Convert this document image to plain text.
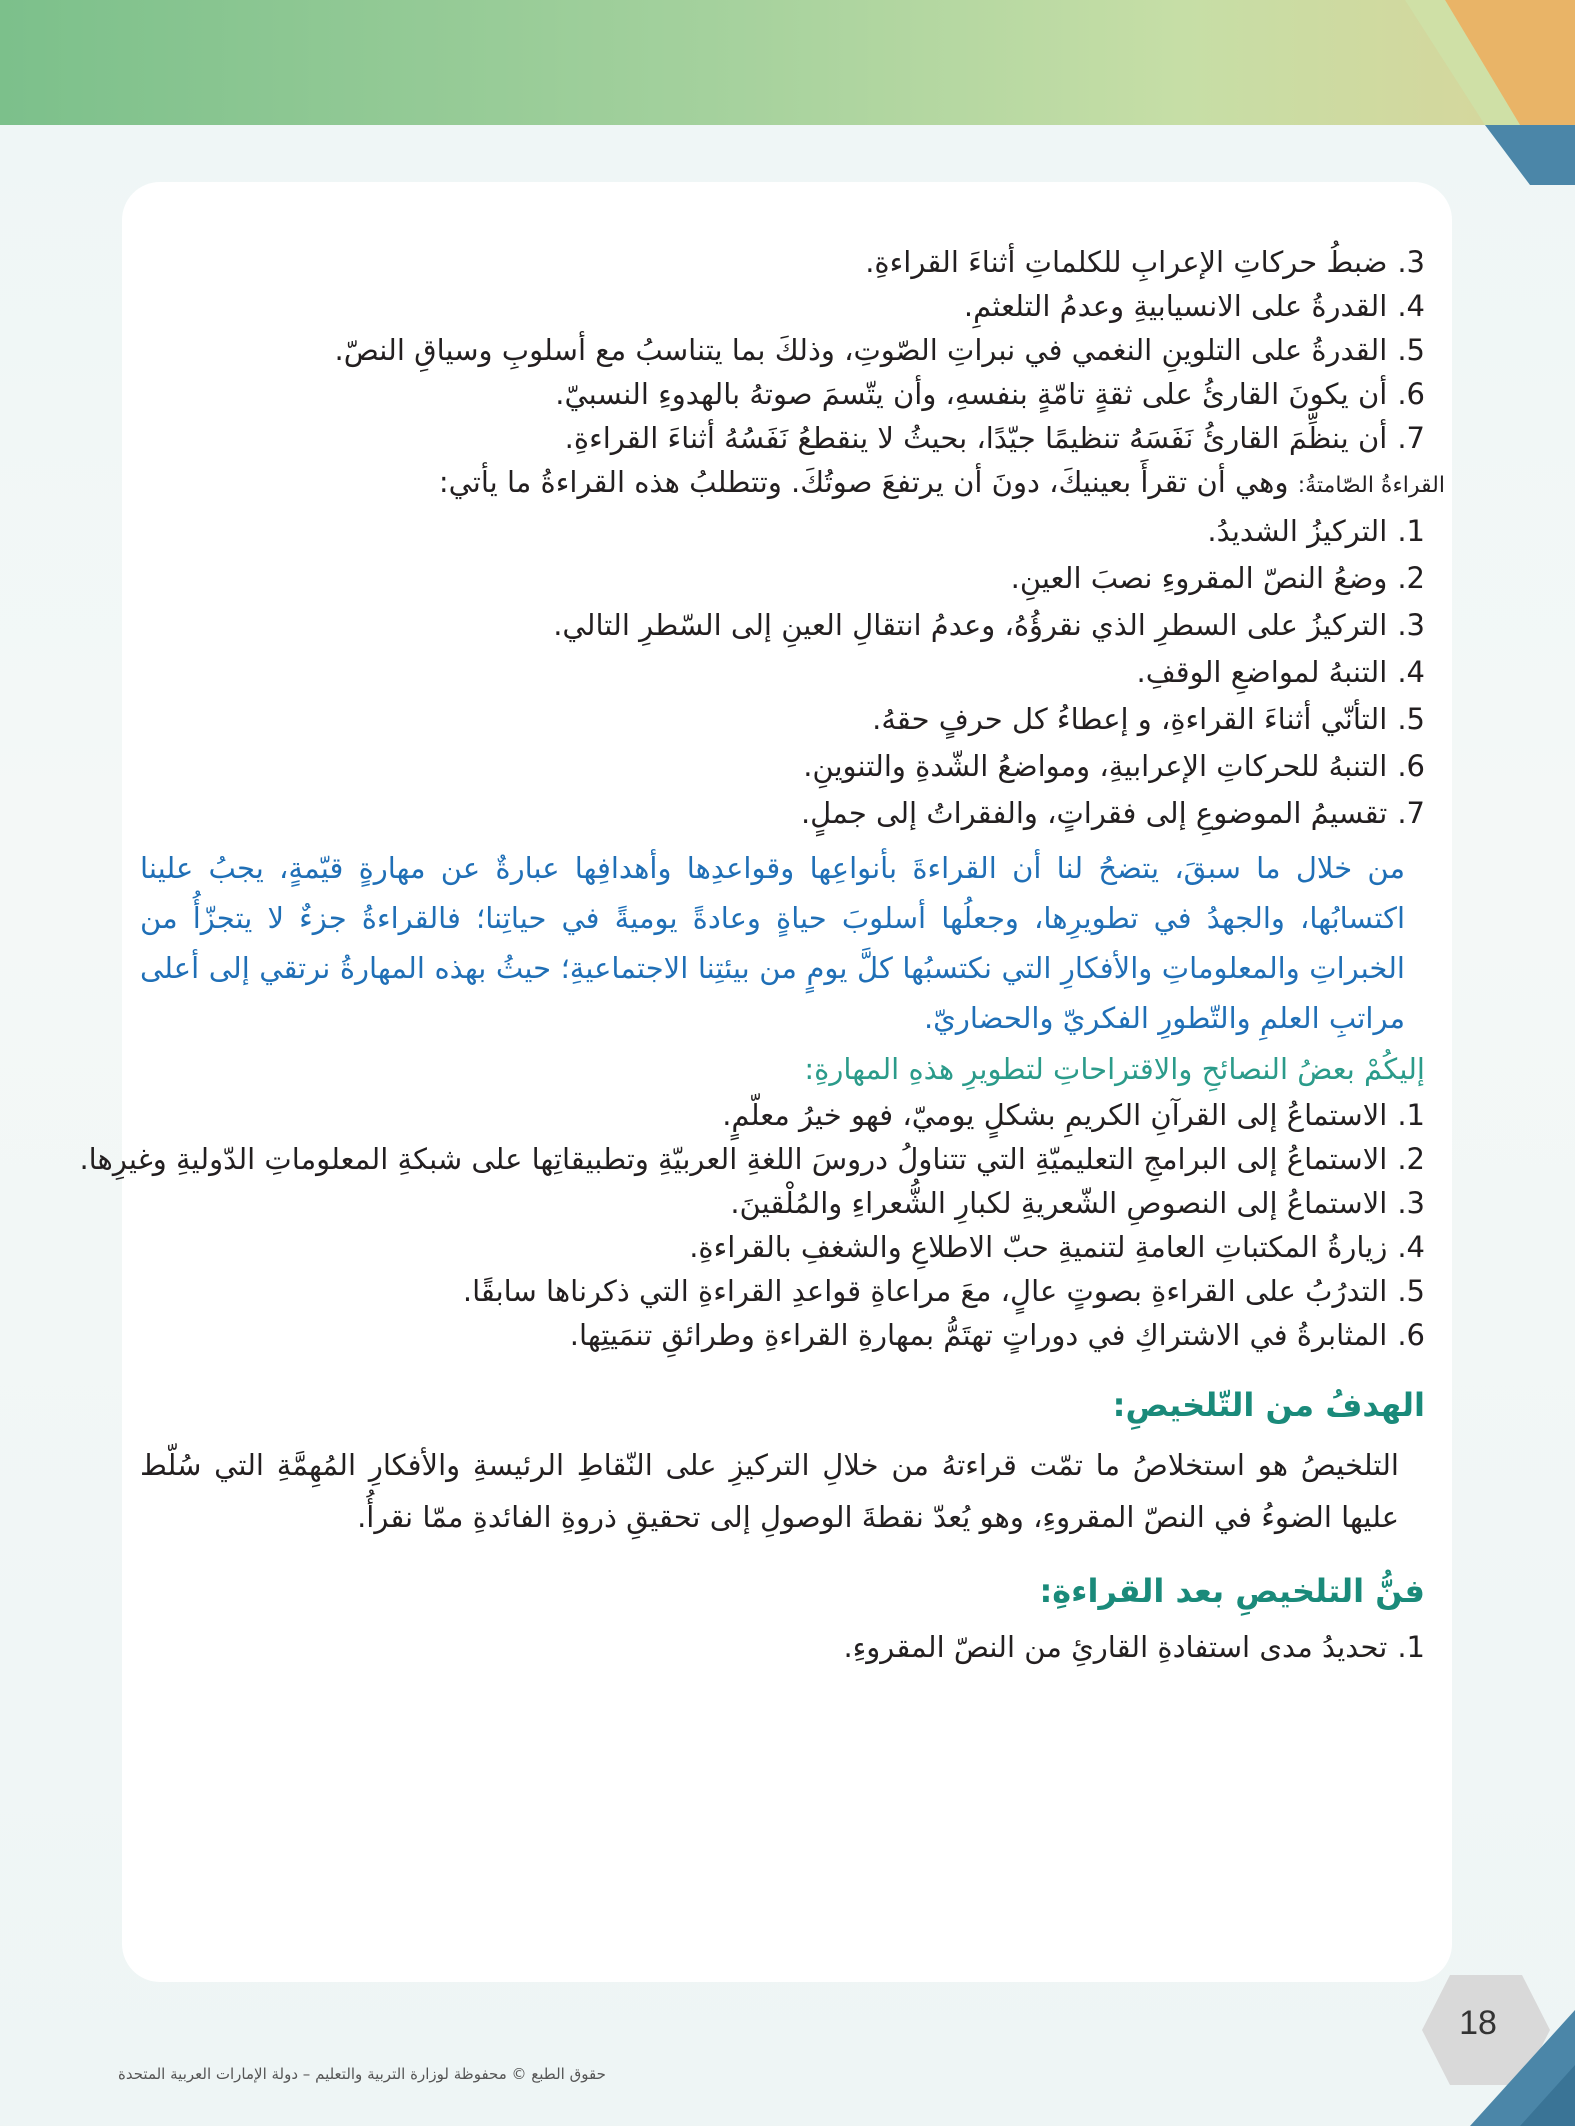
3.ضبطُ حركاتِ الإعرابِ للكلماتِ أثناءَ القراءةِ.

4.القدرةُ على الانسيابيةِ وعدمُ التلعثمِ.

5.القدرةُ على التلوينِ النغمي في نبراتِ الصّوتِ، وذلكَ بما يتناسبُ مع أسلوبِ وسياقِ النصّ.

6.أن يكونَ القارئُ على ثقةٍ تامّةٍ بنفسهِ، وأن يتّسمَ صوتهُ بالهدوءِ النسبيّ.

7.أن ينظِّمَ القارئُ نَفَسَهُ تنظيمًا جيّدًا، بحيثُ لا ينقطعُ نَفَسُهُ أثناءَ القراءةِ.

القراءةُ الصّامتةُ: وهي أن تقرأَ بعينيكَ، دونَ أن يرتفعَ صوتُكَ. وتتطلبُ هذه القراءةُ ما يأتي:

1.التركيزُ الشديدُ.

2.وضعُ النصّ المقروءِ نصبَ العينِ.

3.التركيزُ على السطرِ الذي نقرؤُهُ، وعدمُ انتقالِ العينِ إلى السّطرِ التالي.

4.التنبهُ لمواضعِ الوقفِ.

5.التأنّي أثناءَ القراءةِ، و إعطاءُ كل حرفٍ حقهُ.

6.التنبهُ للحركاتِ الإعرابيةِ، ومواضعُ الشّدةِ والتنوينِ.

7.تقسيمُ الموضوعِ إلى فقراتٍ، والفقراتُ إلى جملٍ.

من خلال ما سبقَ، يتضحُ لنا أن القراءةَ بأنواعِها وقواعدِها وأهدافِها عبارةٌ عن مهارةٍ قيّمةٍ، يجبُ علينا اكتسابُها، والجهدُ في تطويرِها، وجعلُها أسلوبَ حياةٍ وعادةً يوميةً في حياتِنا؛ فالقراءةُ جزءٌ لا يتجزّأُ من الخبراتِ والمعلوماتِ والأفكارِ التي نكتسبُها كلَّ يومٍ من بيئتِنا الاجتماعيةِ؛ حيثُ بهذه المهارةُ نرتقي إلى أعلى مراتبِ العلمِ والتّطورِ الفكريّ والحضاريّ.

إليكُمْ بعضُ النصائحِ والاقتراحاتِ لتطويرِ هذهِ المهارةِ:

1.الاستماعُ إلى القرآنِ الكريمِ بشكلٍ يوميّ، فهو خيرُ معلّمٍ.

2.الاستماعُ إلى البرامجِ التعليميّةِ التي تتناولُ دروسَ اللغةِ العربيّةِ وتطبيقاتِها على شبكةِ المعلوماتِ الدّوليةِ وغيرِها.

3.الاستماعُ إلى النصوصِ الشّعريةِ لكبارِ الشُّعراءِ والمُلْقينَ.

4.زيارةُ المكتباتِ العامةِ لتنميةِ حبّ الاطلاعِ والشغفِ بالقراءةِ.

5.التدرُبُ على القراءةِ بصوتٍ عالٍ، معَ مراعاةِ قواعدِ القراءةِ التي ذكرناها سابقًا.

6.المثابرةُ في الاشتراكِ في دوراتٍ تهتَمُّ بمهارةِ القراءةِ وطرائقِ تنمَيتِها.

الهدفُ من التّلخيصِ:

التلخيصُ هو استخلاصُ ما تمّت قراءتهُ من خلالِ التركيزِ على النّقاطِ الرئيسةِ والأفكارِ المُهِمَّةِ التي سُلّط عليها الضوءُ في النصّ المقروءِ، وهو يُعدّ نقطةَ الوصولِ إلى تحقيقِ ذروةِ الفائدةِ ممّا نقرأُ.

فنُّ التلخيصِ بعد القراءةِ:

1.تحديدُ مدى استفادةِ القارئِ من النصّ المقروءِ.

18
حقوق الطبع © محفوظة لوزارة التربية والتعليم – دولة الإمارات العربية المتحدة
